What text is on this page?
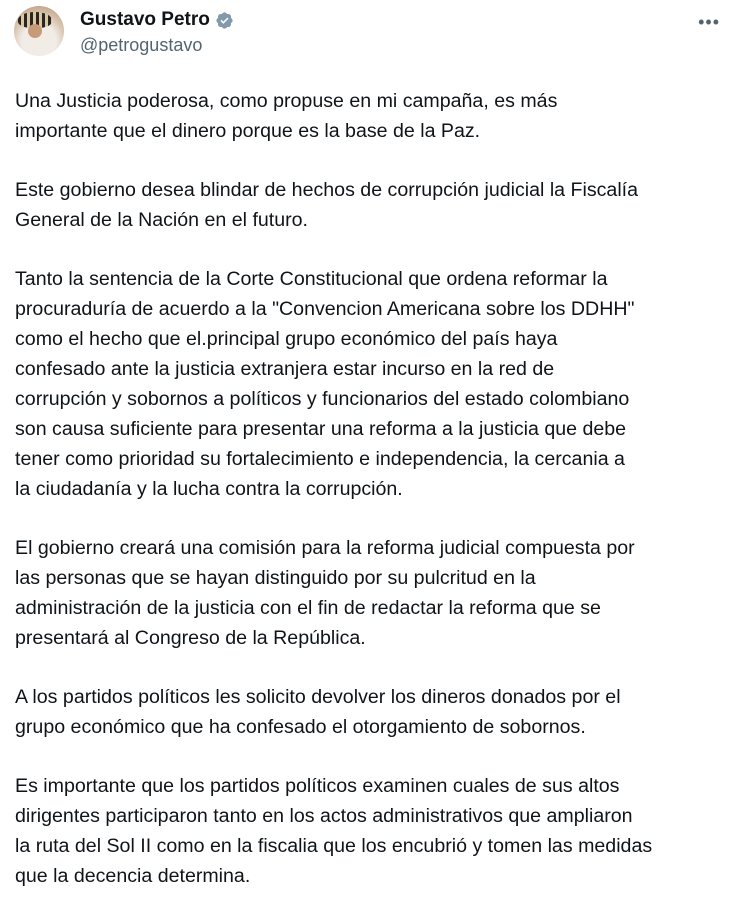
Gustavo Petro
@petrogustavo
•••
Una Justicia poderosa, como propuse en mi campaña, es más
importante que el dinero porque es la base de la Paz.
Este gobierno desea blindar de hechos de corrupción judicial la Fiscalía
General de la Nación en el futuro.
Tanto la sentencia de la Corte Constitucional que ordena reformar la
procuraduría de acuerdo a la "Convencion Americana sobre los DDHH"
como el hecho que el.principal grupo económico del país haya
confesado ante la justicia extranjera estar incurso en la red de
corrupción y sobornos a políticos y funcionarios del estado colombiano
son causa suficiente para presentar una reforma a la justicia que debe
tener como prioridad su fortalecimiento e independencia, la cercania a
la ciudadanía y la lucha contra la corrupción.
El gobierno creará una comisión para la reforma judicial compuesta por
las personas que se hayan distinguido por su pulcritud en la
administración de la justicia con el fin de redactar la reforma que se
presentará al Congreso de la República.
A los partidos políticos les solicito devolver los dineros donados por el
grupo económico que ha confesado el otorgamiento de sobornos.
Es importante que los partidos políticos examinen cuales de sus altos
dirigentes participaron tanto en los actos administrativos que ampliaron
la ruta del Sol II como en la fiscalia que los encubrió y tomen las medidas
que la decencia determina.
